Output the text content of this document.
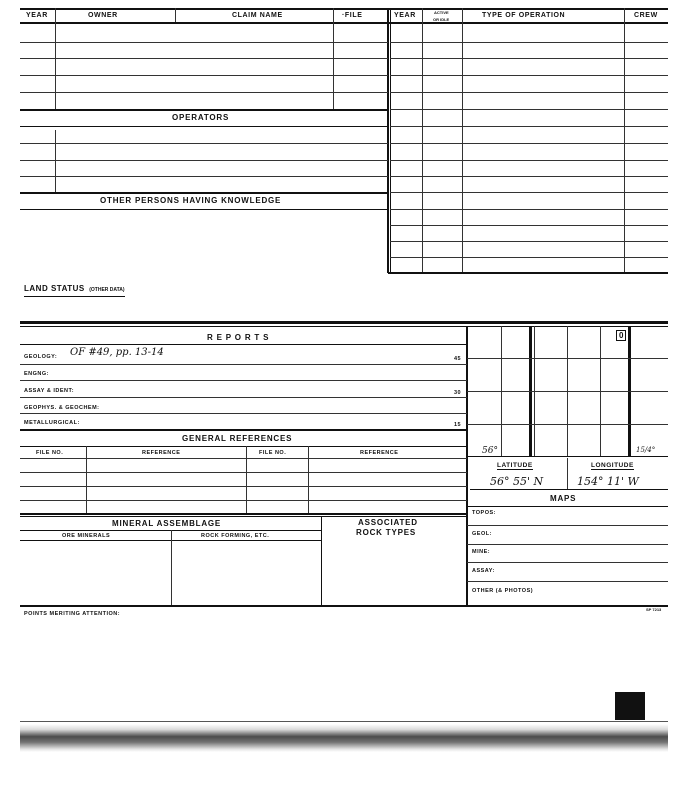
YEAR	OWNER	CLAIM NAME	·FILE	YEAR	ACTIVE
OR IDLE
TYPE OF OPERATION	CREW
OPERATORS
OTHER PERSONS HAVING KNOWLEDGE
LAND STATUS (OTHER DATA)
R E P O R T S
GEOLOGY: OF #49, pp. 13-14
45
ENGNG:
ASSAY & IDENT:	30
GEOPHYS. & GEOCHEM:
METALLURGICAL:	15
GENERAL REFERENCES
FILE NO.	REFERENCE	FILE NO.	REFERENCE
MINERAL ASSEMBLAGE	ASSOCIATED
ROCK TYPES
ORE MINERALS	ROCK FORMING, ETC.
0
56°	15/4°
LATITUDE	LONGITUDE
56° 55' N	154° 11' W
MAPS
TOPOS:
GEOL:
MINE:
ASSAY:
OTHER (& PHOTOS)
POINTS MERITING ATTENTION:
SP 7213
